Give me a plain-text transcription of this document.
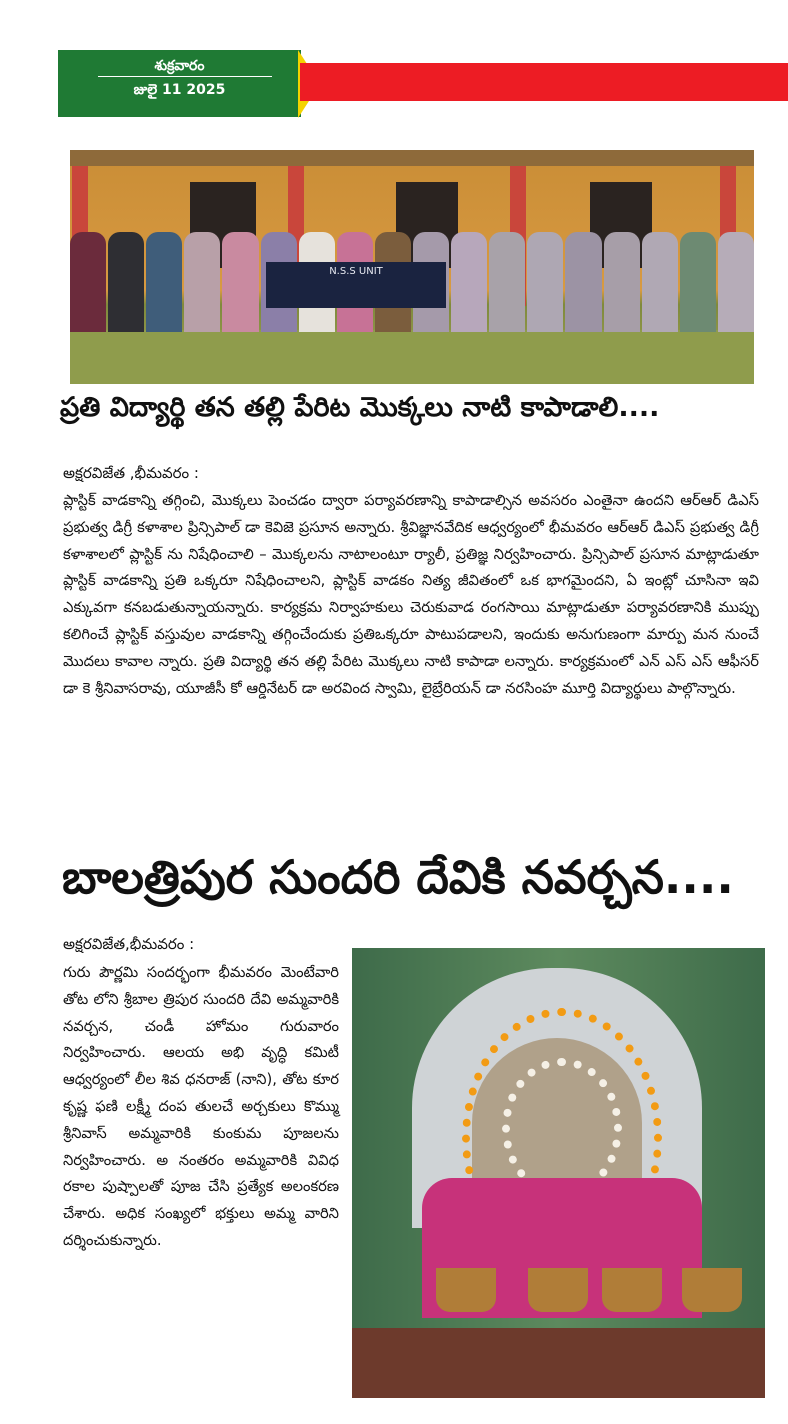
శుక్రవారం
జులై 11 2025
N.S.S UNIT
ప్రతి విద్యార్థి తన తల్లి పేరిట మొక్కలు నాటి కాపాడాలి....
అక్షరవిజేత ,భీమవరం :

ప్లాస్టిక్ వాడకాన్ని తగ్గించి, మొక్కలు పెంచడం ద్వారా పర్యావరణాన్ని కాపాడాల్సిన అవసరం ఎంతైనా ఉందని ఆర్ఆర్ డిఎస్ ప్రభుత్వ డిగ్రీ కళాశాల ప్రిన్సిపాల్ డా కెవిజె ప్రసూన అన్నారు. శ్రీవిజ్ఞానవేదిక ఆధ్వర్యంలో భీమవరం ఆర్ఆర్ డిఎస్ ప్రభుత్వ డిగ్రీ కళాశాలలో ప్లాస్టిక్ ను నిషేధించాలి – మొక్కలను నాటాలంటూ ర్యాలీ, ప్రతిజ్ఞ నిర్వహించారు. ప్రిన్సిపాల్ ప్రసూన మాట్లాడుతూ ప్లాస్టిక్ వాడకాన్ని ప్రతి ఒక్కరూ నిషేధించాలని, ప్లాస్టిక్ వాడకం నిత్య జీవితంలో ఒక భాగమైందని, ఏ ఇంట్లో చూసినా ఇవి ఎక్కువగా కనబడుతున్నాయన్నారు. కార్యక్రమ నిర్వాహకులు చెరుకువాడ రంగసాయి మాట్లాడుతూ పర్యావరణానికి ముప్పు కలిగించే ప్లాస్టిక్ వస్తువుల వాడకాన్ని తగ్గించేందుకు ప్రతిఒక్కరూ పాటుపడాలని, ఇందుకు అనుగుణంగా మార్పు మన నుంచే మొదలు కావాల న్నారు. ప్రతి విద్యార్థి తన తల్లి పేరిట మొక్కలు నాటి కాపాడా లన్నారు. కార్యక్రమంలో ఎన్ ఎస్ ఎస్ ఆఫీసర్ డా కె శ్రీనివాసరావు, యూజీసీ కో ఆర్డినేటర్ డా అరవింద స్వామి, లైబ్రేరియన్ డా నరసింహ మూర్తి విద్యార్థులు పాల్గొన్నారు.

బాలత్రిపుర సుందరి దేవికి నవర్చన....
అక్షరవిజేత,భీమవరం :

గురు పౌర్ణమి సందర్భంగా భీమవరం మెంటేవారి తోట లోని శ్రీబాల త్రిపుర సుందరి దేవి అమ్మవారికి నవర్చన, చండీ హోమం గురువారం నిర్వహించారు. ఆలయ అభి వృద్ధి కమిటీ ఆధ్వర్యంలో లీల శివ ధనరాజ్ (నాని), తోట కూర కృష్ణ ఫణి లక్ష్మీ దంప తులచే అర్చకులు కొమ్ము శ్రీనివాస్ అమ్మవారికి కుంకుమ పూజలను నిర్వహించారు. అ నంతరం అమ్మవారికి వివిధ రకాల పుష్పాలతో పూజ చేసి ప్రత్యేక అలంకరణ చేశారు. అధిక సంఖ్యలో భక్తులు అమ్మ వారిని దర్శించుకున్నారు.
